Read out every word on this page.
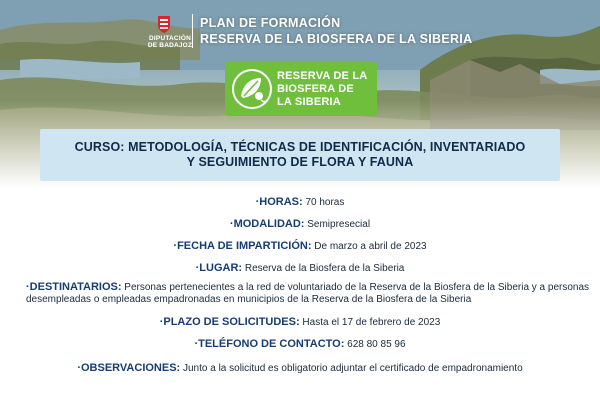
DIPUTACIÓN
DE BADAJOZ
PLAN DE FORMACIÓN
RESERVA DE LA BIOSFERA DE LA SIBERIA
RESERVA DE LA
BIOSFERA DE
LA SIBERIA
CURSO: METODOLOGÍA, TÉCNICAS DE IDENTIFICACIÓN, INVENTARIADO
Y SEGUIMIENTO DE FLORA Y FAUNA
·HORAS: 70 horas
·MODALIDAD: Semipresecial
·FECHA DE IMPARTICIÓN: De marzo a abril de 2023
·LUGAR: Reserva de la Biosfera de la Siberia
·DESTINATARIOS: Personas pertenecientes a la red de voluntariado de la Reserva de la Biosfera de la Siberia y a personas desempleadas o empleadas empadronadas en municipios de la Reserva de la Biosfera de la Siberia
·PLAZO DE SOLICITUDES: Hasta el 17 de febrero de 2023
·TELÉFONO DE CONTACTO: 628 80 85 96
·OBSERVACIONES: Junto a la solicitud es obligatorio adjuntar el certificado de empadronamiento
